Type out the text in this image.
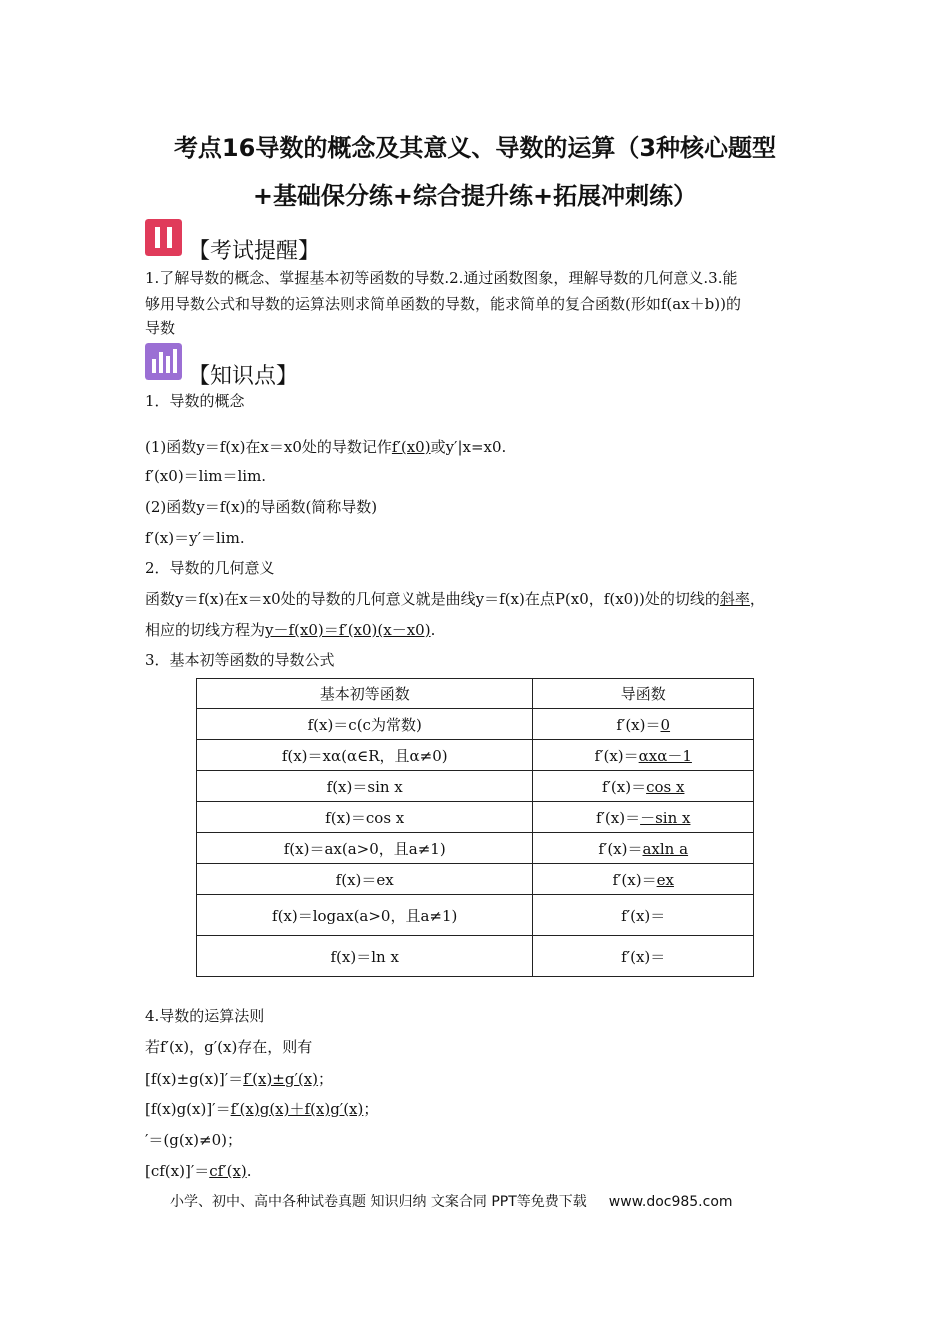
考点16导数的概念及其意义、导数的运算（3种核心题型
+基础保分练+综合提升练+拓展冲刺练）
【考试提醒】
1.了解导数的概念、掌握基本初等函数的导数.2.通过函数图象，理解导数的几何意义.3.能
够用导数公式和导数的运算法则求简单函数的导数，能求简单的复合函数(形如f(ax＋b))的
导数
【知识点】
1．导数的概念
(1)函数y＝f(x)在x＝x0处的导数记作f′(x0)或y′|x=x0.
f′(x0)＝lim＝lim.
(2)函数y＝f(x)的导函数(简称导数)
f′(x)＝y′＝lim.
2．导数的几何意义
函数y＝f(x)在x＝x0处的导数的几何意义就是曲线y＝f(x)在点P(x0，f(x0))处的切线的斜率，
相应的切线方程为y－f(x0)＝f′(x0)(x－x0).
3．基本初等函数的导数公式
基本初等函数	导函数
f(x)＝c(c为常数)	f′(x)＝0
f(x)＝xα(α∈R，且α≠0)	f′(x)＝αxα－1
f(x)＝sin x	f′(x)＝cos x
f(x)＝cos x	f′(x)＝－sin x
f(x)＝ax(a>0，且a≠1)	f′(x)＝axln a
f(x)＝ex	f′(x)＝ex
f(x)＝logax(a>0，且a≠1)	f′(x)＝
f(x)＝ln x	f′(x)＝
4.导数的运算法则
若f′(x)，g′(x)存在，则有
[f(x)±g(x)]′＝f′(x)±g′(x)；
[f(x)g(x)]′＝f′(x)g(x)＋f(x)g′(x)；
′＝(g(x)≠0)；
[cf(x)]′＝cf′(x).
小学、初中、高中各种试卷真题 知识归纳 文案合同 PPT等免费下载 www.doc985.com
